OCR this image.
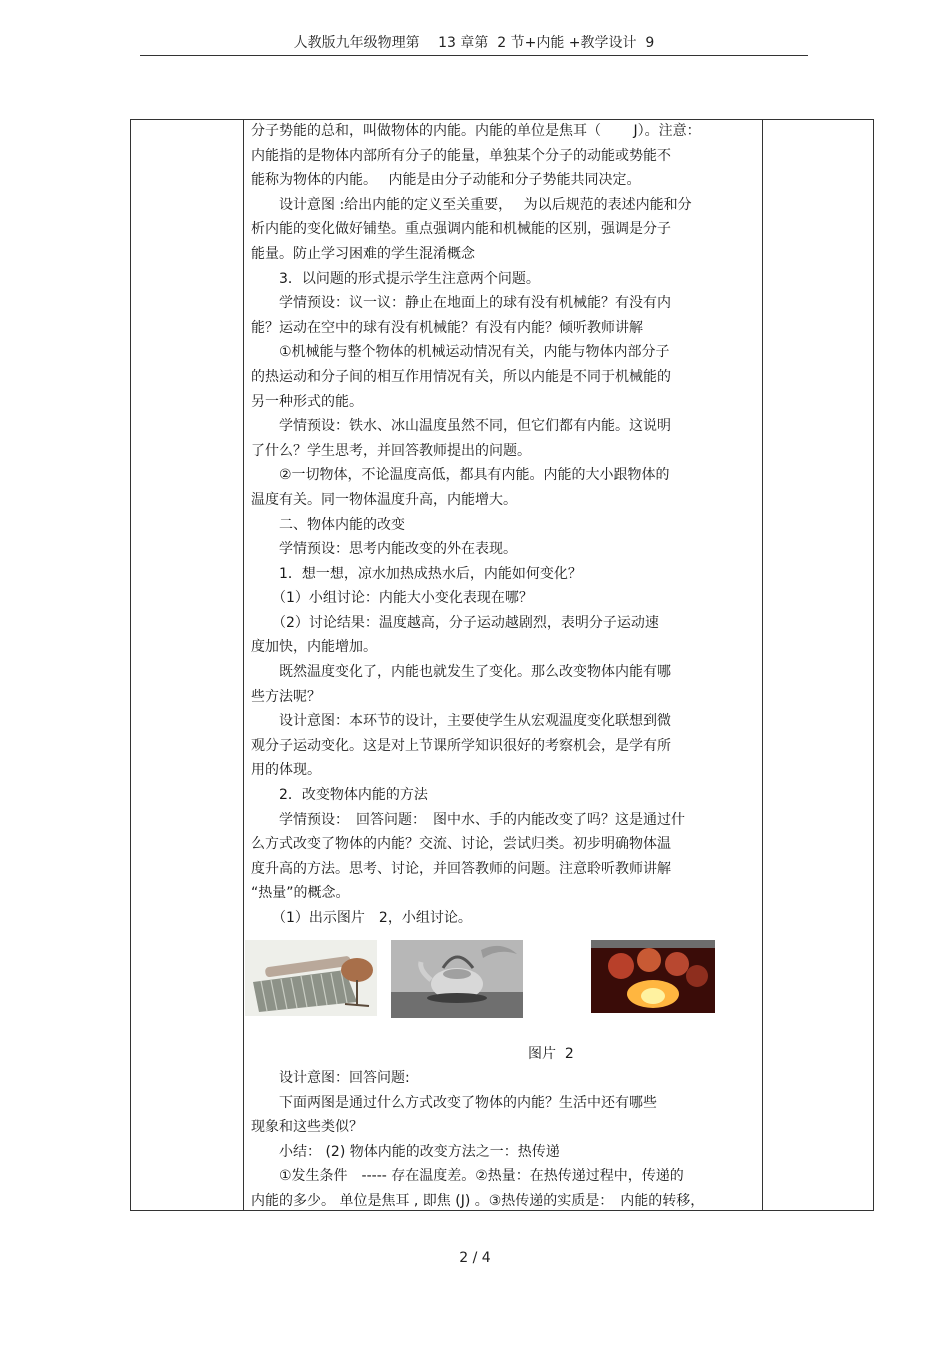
人教版九年级物理第　 13 章第  2 节+内能 +教学设计  9
分子势能的总和，叫做物体的内能。内能的单位是焦耳（　　 J）。注意：
内能指的是物体内部所有分子的能量，单独某个分子的动能或势能不
能称为物体的内能。　 内能是由分子动能和分子势能共同决定。
　　设计意图 :给出内能的定义至关重要，　 为以后规范的表述内能和分
析内能的变化做好铺垫。重点强调内能和机械能的区别，强调是分子
能量。防止学习困难的学生混淆概念
　　3．以问题的形式提示学生注意两个问题。
　　学情预设：议一议：静止在地面上的球有没有机械能？有没有内
能？运动在空中的球有没有机械能？有没有内能？倾听教师讲解
　　①机械能与整个物体的机械运动情况有关，内能与物体内部分子
的热运动和分子间的相互作用情况有关，所以内能是不同于机械能的
另一种形式的能。
　　学情预设：铁水、冰山温度虽然不同，但它们都有内能。这说明
了什么？学生思考，并回答教师提出的问题。
　　②一切物体，不论温度高低，都具有内能。内能的大小跟物体的
温度有关。同一物体温度升高，内能增大。
　　二、物体内能的改变
　　学情预设：思考内能改变的外在表现。
　　1．想一想，凉水加热成热水后，内能如何变化？
　　（1）小组讨论：内能大小变化表现在哪？
　　（2）讨论结果：温度越高，分子运动越剧烈，表明分子运动速
度加快，内能增加。
　　既然温度变化了，内能也就发生了变化。那么改变物体内能有哪
些方法呢？
　　设计意图：本环节的设计，主要使学生从宏观温度变化联想到微
观分子运动变化。这是对上节课所学知识很好的考察机会，是学有所
用的体现。
　　2．改变物体内能的方法
　　学情预设：　回答问题：　图中水、手的内能改变了吗？这是通过什
么方式改变了物体的内能？交流、讨论，尝试归类。初步明确物体温
度升高的方法。思考、讨论，并回答教师的问题。注意聆听教师讲解
“热量”的概念。
　　（1）出示图片　2，小组讨论。
图片  2
　　设计意图：回答问题:
　　下面两图是通过什么方式改变了物体的内能？生活中还有哪些
现象和这些类似？
　　小结： (2) 物体内能的改变方法之一：热传递
　　①发生条件　----- 存在温度差。②热量：在热传递过程中，传递的
内能的多少。 单位是焦耳 , 即焦 (J) 。③热传递的实质是：　内能的转移，
2 / 4
